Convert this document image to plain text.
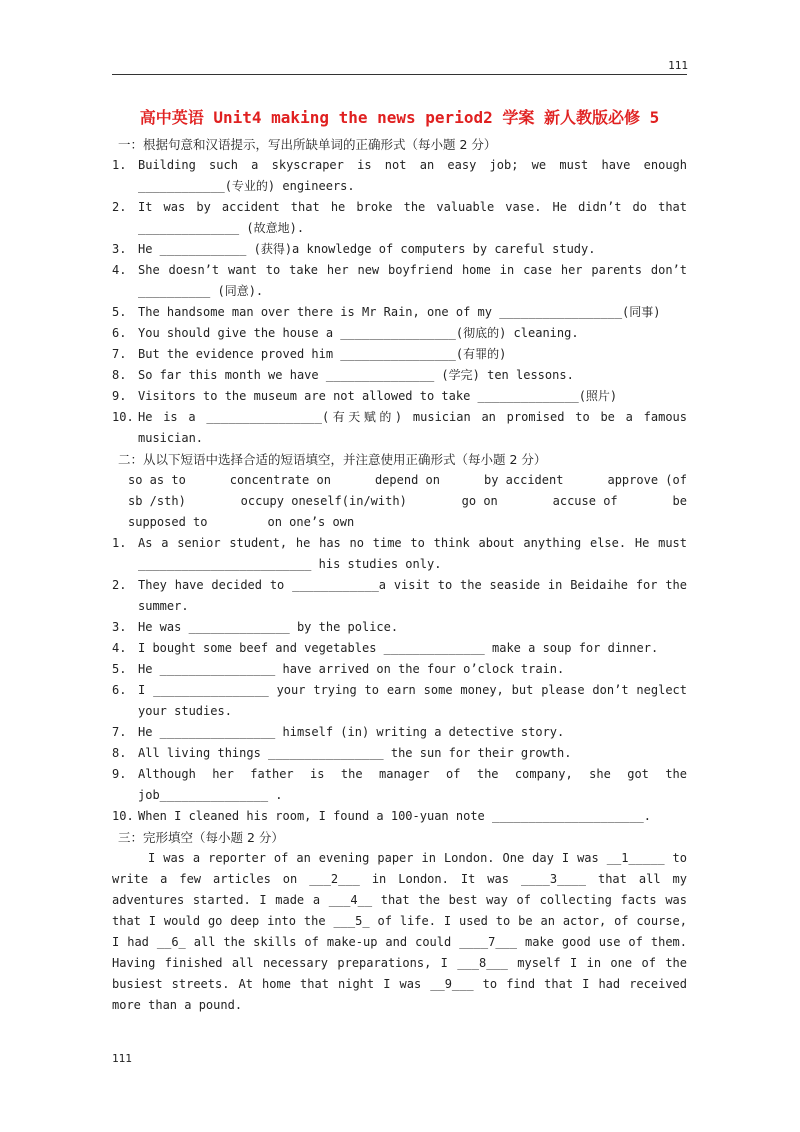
111
高中英语 Unit4 making the news period2 学案 新人教版必修 5
一：根据句意和汉语提示，写出所缺单词的正确形式（每小题 2 分）
1. Building such a skyscraper is not an easy job; we must have enough ____________(专业的) engineers.
2. It was by accident that he broke the valuable vase. He didn’t do that ______________ (故意地).
3. He ____________ (获得)a knowledge of computers by careful study.
4. She doesn’t want to take her new boyfriend home in case her parents don’t __________ (同意).
5. The handsome man over there is Mr Rain, one of my _________________(同事)
6. You should give the house a ________________(彻底的) cleaning.
7. But the evidence proved him ________________(有罪的)
8. So far this month we have _______________ (学完) ten lessons.
9. Visitors to the museum are not allowed to take ______________(照片)
10. He is a ________________(有天赋的) musician an promised to be a famous musician.
二：从以下短语中选择合适的短语填空，并注意使用正确形式（每小题 2 分）
so as to	concentrate on	depend on	by accident	approve (of
sb /sth)	occupy oneself(in/with)	go on	accuse of	be
supposed to	on one’s own
1. As a senior student, he has no time to think about anything else. He must ________________________ his studies only.
2. They have decided to ____________a visit to the seaside in Beidaihe for the summer.
3. He was ______________ by the police.
4. I bought some beef and vegetables ______________ make a soup for dinner.
5. He ________________ have arrived on the four o’clock train.
6. I ________________ your trying to earn some money, but please don’t neglect your studies.
7. He ________________ himself (in) writing a detective story.
8. All living things ________________ the sun for their growth.
9. Although her father is the manager of the company, she got the job_______________ .
10. When I cleaned his room, I found a 100-yuan note _____________________.
三：完形填空（每小题 2 分）
I was a reporter of an evening paper in London. One day I was __1_____ to write a few articles on ___2___ in London. It was ____3____ that all my adventures started. I made a ___4__ that the best way of collecting facts was that I would go deep into the ___5_ of life. I used to be an actor, of course, I had __6_ all the skills of make-up and could ____7___ make good use of them. Having finished all necessary preparations, I ___8___ myself I in one of the busiest streets. At home that night I was __9___ to find that I had received more than a pound.
111
